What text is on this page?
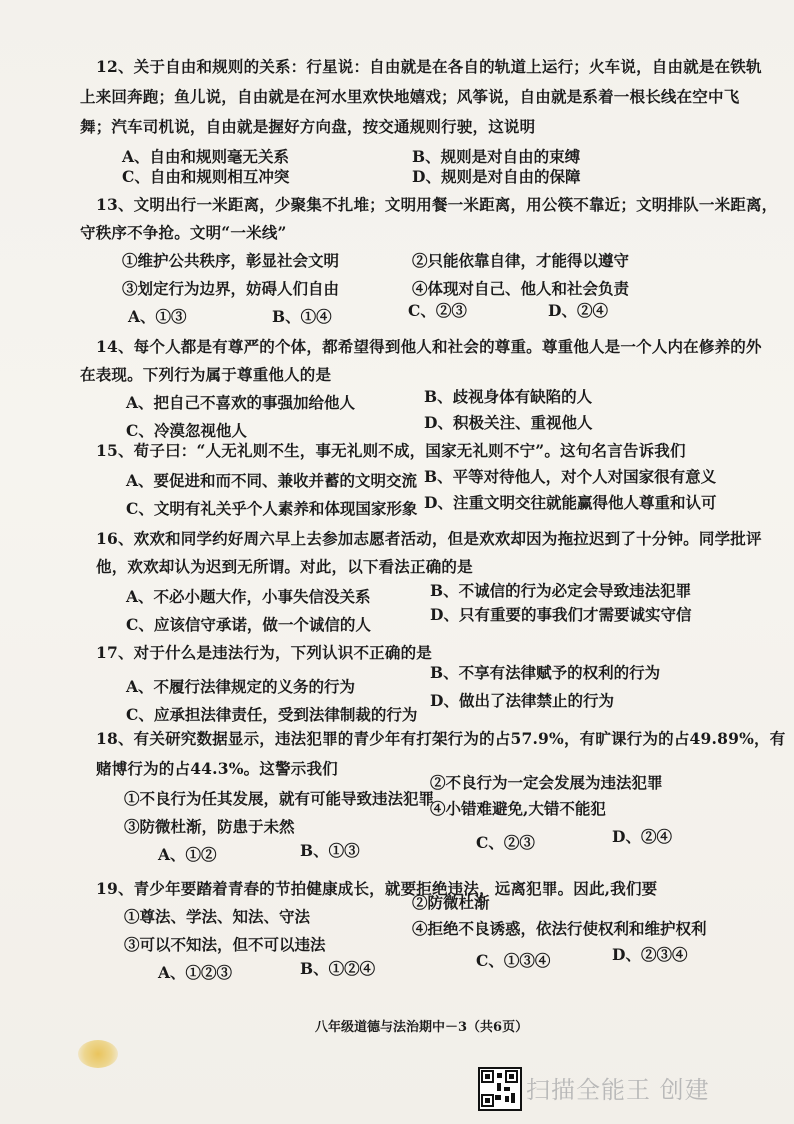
12、关于自由和规则的关系：行星说：自由就是在各自的轨道上运行；火车说，自由就是在铁轨
上来回奔跑；鱼儿说，自由就是在河水里欢快地嬉戏；风筝说，自由就是系着一根长线在空中飞
舞；汽车司机说，自由就是握好方向盘，按交通规则行驶，这说明
A、自由和规则毫无关系	B、规则是对自由的束缚
C、自由和规则相互冲突	D、规则是对自由的保障
13、文明出行一米距离，少聚集不扎堆；文明用餐一米距离，用公筷不靠近；文明排队一米距离，
守秩序不争抢。文明“一米线”
①维护公共秩序，彰显社会文明	②只能依靠自律，才能得以遵守
③划定行为边界，妨碍人们自由	④体现对自己、他人和社会负责
A、①③	B、①④	C、②③	D、②④
14、每个人都是有尊严的个体，都希望得到他人和社会的尊重。尊重他人是一个人内在修养的外
在表现。下列行为属于尊重他人的是
A、把自己不喜欢的事强加给他人	B、歧视身体有缺陷的人
C、冷漠忽视他人	D、积极关注、重视他人
15、荀子曰：“人无礼则不生，事无礼则不成，国家无礼则不宁”。这句名言告诉我们
A、要促进和而不同、兼收并蓄的文明交流 B、平等对待他人，对个人对国家很有意义
C、文明有礼关乎个人素养和体现国家形象 D、注重文明交往就能赢得他人尊重和认可
16、欢欢和同学约好周六早上去参加志愿者活动，但是欢欢却因为拖拉迟到了十分钟。同学批评
他，欢欢却认为迟到无所谓。对此，以下看法正确的是
A、不必小题大作，小事失信没关系	B、不诚信的行为必定会导致违法犯罪
C、应该信守承诺，做一个诚信的人
D、只有重要的事我们才需要诚实守信
17、对于什么是违法行为，下列认识不正确的是
A、不履行法律规定的义务的行为
B、不享有法律赋予的权利的行为
C、应承担法律责任，受到法律制裁的行为
D、做出了法律禁止的行为
18、有关研究数据显示，违法犯罪的青少年有打架行为的占57.9%，有旷课行为的占49.89%，有
赌博行为的占44.3%。这警示我们
①不良行为任其发展，就有可能导致违法犯罪
②不良行为一定会发展为违法犯罪
③防微杜渐，防患于未然
④小错难避免,大错不能犯
A、①②	B、①③	C、②③	D、②④
19、青少年要踏着青春的节拍健康成长，就要拒绝违法，远离犯罪。因此,我们要
①尊法、学法、知法、守法
②防微杜渐
③可以不知法，但不可以违法
④拒绝不良诱惑，依法行使权利和维护权利
A、①②③	B、①②④	C、①③④	D、②③④
八年级道德与法治期中－3（共6页）
扫描全能王 创建
